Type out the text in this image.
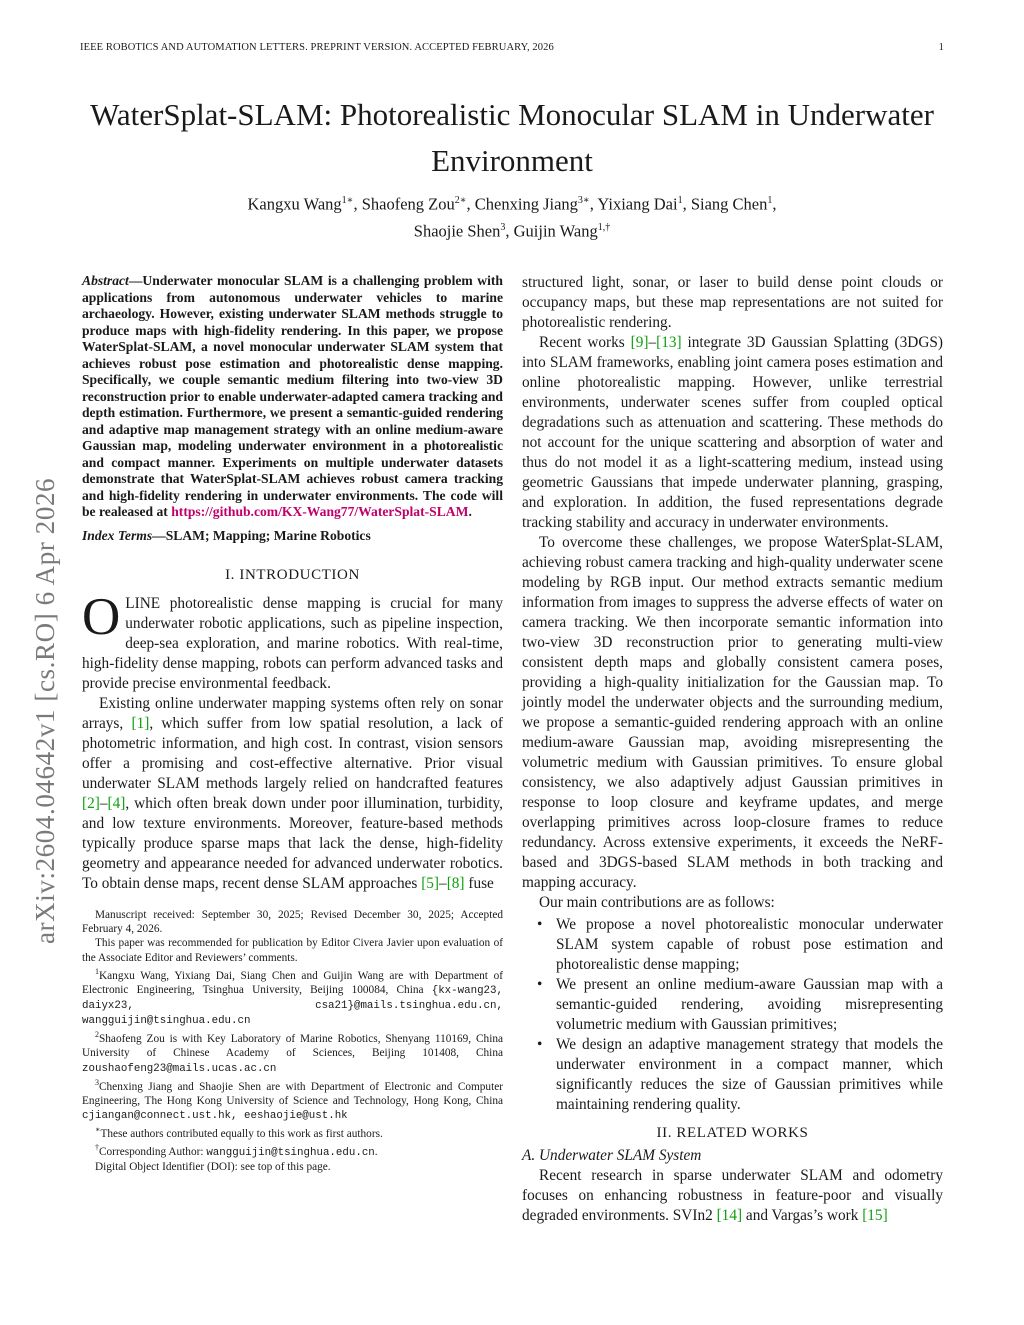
IEEE ROBOTICS AND AUTOMATION LETTERS. PREPRINT VERSION. ACCEPTED FEBRUARY, 2026	1
WaterSplat-SLAM: Photorealistic Monocular SLAM in Underwater Environment
Kangxu Wang$^{1∗}$, Shaofeng Zou$^{2∗}$, Chenxing Jiang$^{3∗}$, Yixiang Dai$^1$, Siang Chen$^1$,
Shaojie Shen$^3$, Guijin Wang$^{1,\dagger}$
arXiv:2604.04642v1 [cs.RO] 6 Apr 2026
Abstract—Underwater monocular SLAM is a challenging problem with applications from autonomous underwater vehicles to marine archaeology. However, existing underwater SLAM methods struggle to produce maps with high-fidelity rendering. In this paper, we propose WaterSplat-SLAM, a novel monocular underwater SLAM system that achieves robust pose estimation and photorealistic dense mapping. Specifically, we couple semantic medium filtering into two-view 3D reconstruction prior to enable underwater-adapted camera tracking and depth estimation. Furthermore, we present a semantic-guided rendering and adaptive map management strategy with an online medium-aware Gaussian map, modeling underwater environment in a photorealistic and compact manner. Experiments on multiple underwater datasets demonstrate that WaterSplat-SLAM achieves robust camera tracking and high-fidelity rendering in underwater environments. The code will be realeased at https://github.com/KX-Wang77/WaterSplat-SLAM.
Index Terms—SLAM; Mapping; Marine Robotics
I. INTRODUCTION

OLINE photorealistic dense mapping is crucial for many underwater robotic applications, such as pipeline inspection, deep-sea exploration, and marine robotics. With real-time, high-fidelity dense mapping, robots can perform advanced tasks and provide precise environmental feedback.

Existing online underwater mapping systems often rely on sonar arrays, [1], which suffer from low spatial resolution, a lack of photometric information, and high cost. In contrast, vision sensors offer a promising and cost-effective alternative. Prior visual underwater SLAM methods largely relied on handcrafted features [2]–[4], which often break down under poor illumination, turbidity, and low texture environments. Moreover, feature-based methods typically produce sparse maps that lack the dense, high-fidelity geometry and appearance needed for advanced underwater robotics. To obtain dense maps, recent dense SLAM approaches [5]–[8] fuse

Manuscript received: September 30, 2025; Revised December 30, 2025; Accepted February 4, 2026.

This paper was recommended for publication by Editor Civera Javier upon evaluation of the Associate Editor and Reviewers’ comments.

$^1$Kangxu Wang, Yixiang Dai, Siang Chen and Guijin Wang are with Department of Electronic Engineering, Tsinghua University, Beijing 100084, China {kx-wang23, daiyx23, csa21}@mails.tsinghua.edu.cn, wangguijin@tsinghua.edu.cn

$^2$Shaofeng Zou is with Key Laboratory of Marine Robotics, Shenyang 110169, China University of Chinese Academy of Sciences, Beijing 101408, China zoushaofeng23@mails.ucas.ac.cn

$^3$Chenxing Jiang and Shaojie Shen are with Department of Electronic and Computer Engineering, The Hong Kong University of Science and Technology, Hong Kong, China cjiangan@connect.ust.hk, eeshaojie@ust.hk

∗These authors contributed equally to this work as first authors.

†Corresponding Author: wangguijin@tsinghua.edu.cn.

Digital Object Identifier (DOI): see top of this page.

structured light, sonar, or laser to build dense point clouds or occupancy maps, but these map representations are not suited for photorealistic rendering.

Recent works [9]–[13] integrate 3D Gaussian Splatting (3DGS) into SLAM frameworks, enabling joint camera poses estimation and online photorealistic mapping. However, unlike terrestrial environments, underwater scenes suffer from coupled optical degradations such as attenuation and scattering. These methods do not account for the unique scattering and absorption of water and thus do not model it as a light-scattering medium, instead using geometric Gaussians that impede underwater planning, grasping, and exploration. In addition, the fused representations degrade tracking stability and accuracy in underwater environments.

To overcome these challenges, we propose WaterSplat-SLAM, achieving robust camera tracking and high-quality underwater scene modeling by RGB input. Our method extracts semantic medium information from images to suppress the adverse effects of water on camera tracking. We then incorporate semantic information into two-view 3D reconstruction prior to generating multi-view consistent depth maps and globally consistent camera poses, providing a high-quality initialization for the Gaussian map. To jointly model the underwater objects and the surrounding medium, we propose a semantic-guided rendering approach with an online medium-aware Gaussian map, avoiding misrepresenting the volumetric medium with Gaussian primitives. To ensure global consistency, we also adaptively adjust Gaussian primitives in response to loop closure and keyframe updates, and merge overlapping primitives across loop-closure frames to reduce redundancy. Across extensive experiments, it exceeds the NeRF-based and 3DGS-based SLAM methods in both tracking and mapping accuracy.

Our main contributions are as follows:

• We propose a novel photorealistic monocular underwater SLAM system capable of robust pose estimation and photorealistic dense mapping;
• We present an online medium-aware Gaussian map with a semantic-guided rendering, avoiding misrepresenting volumetric medium with Gaussian primitives;
• We design an adaptive management strategy that models the underwater environment in a compact manner, which significantly reduces the size of Gaussian primitives while maintaining rendering quality.
II. RELATED WORKS
A. Underwater SLAM System

Recent research in sparse underwater SLAM and odometry focuses on enhancing robustness in feature-poor and visually degraded environments. SVIn2 [14] and Vargas’s work [15]
